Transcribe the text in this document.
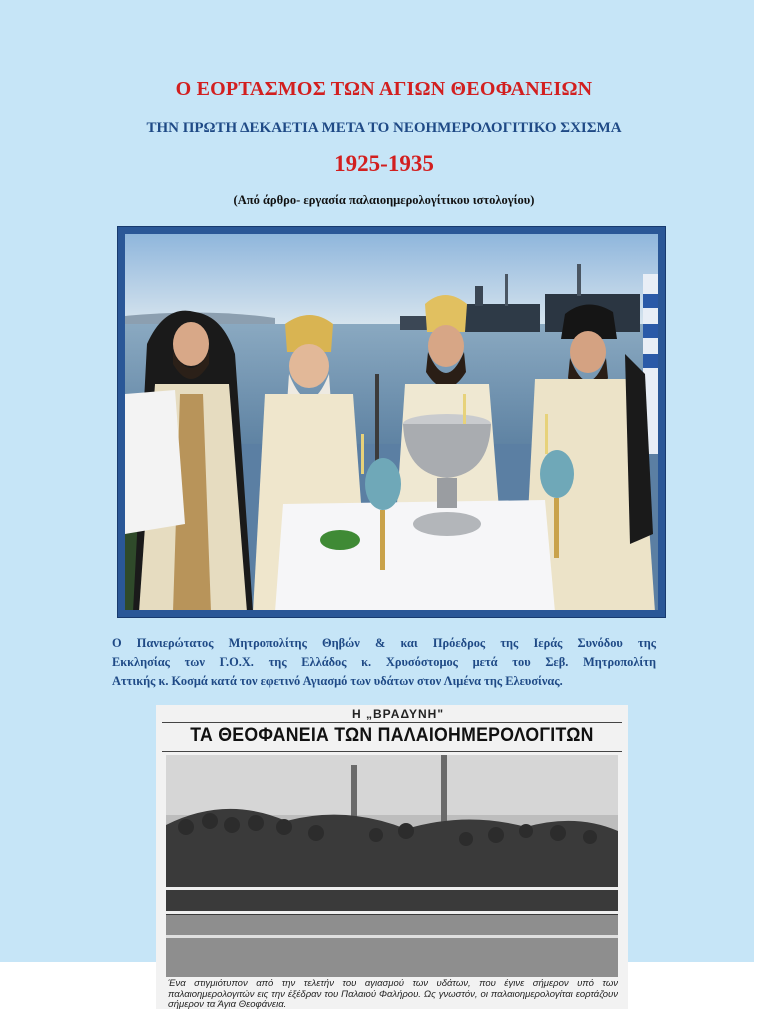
Ο ΕΟΡΤΑΣΜΟΣ ΤΩΝ ΑΓΙΩΝ ΘΕΟΦΑΝΕΙΩΝ
ΤΗΝ ΠΡΩΤΗ ΔΕΚΑΕΤΙΑ ΜΕΤΑ ΤΟ ΝΕΟΗΜΕΡΟΛΟΓΙΤΙΚΟ ΣΧΙΣΜΑ
1925-1935
(Από άρθρο- εργασία παλαιοημερολογίτικου ιστολογίου)
Ο Πανιερώτατος Μητροπολίτης Θηβών & και Πρόεδρος της Ιεράς Συνόδου της
Εκκλησίας των Γ.Ο.Χ. της Ελλάδος κ. Χρυσόστομος μετά του Σεβ. Μητροπολίτη
Αττικής κ. Κοσμά κατά τον εφετινό Αγιασμό των υδάτων στον Λιμένα της Ελευσίνας.
Η „ΒΡΑΔΥΝΗ"
ΤΑ ΘΕΟΦΑΝΕΙΑ ΤΩΝ ΠΑΛΑΙΟΗΜΕΡΟΛΟΓΙΤΩΝ
Ένα στιγμιότυπον από την τελετήν του αγιασμού των υδάτων, που έγινε σήμερον υπό των παλαιοημερολογιτών εις την έξέδραν του Παλαιού Φαλήρου. Ως γνωστόν, οι παλαιοημερολογίται εορτάζουν σήμερον τα Άγια Θεοφάνεια.
